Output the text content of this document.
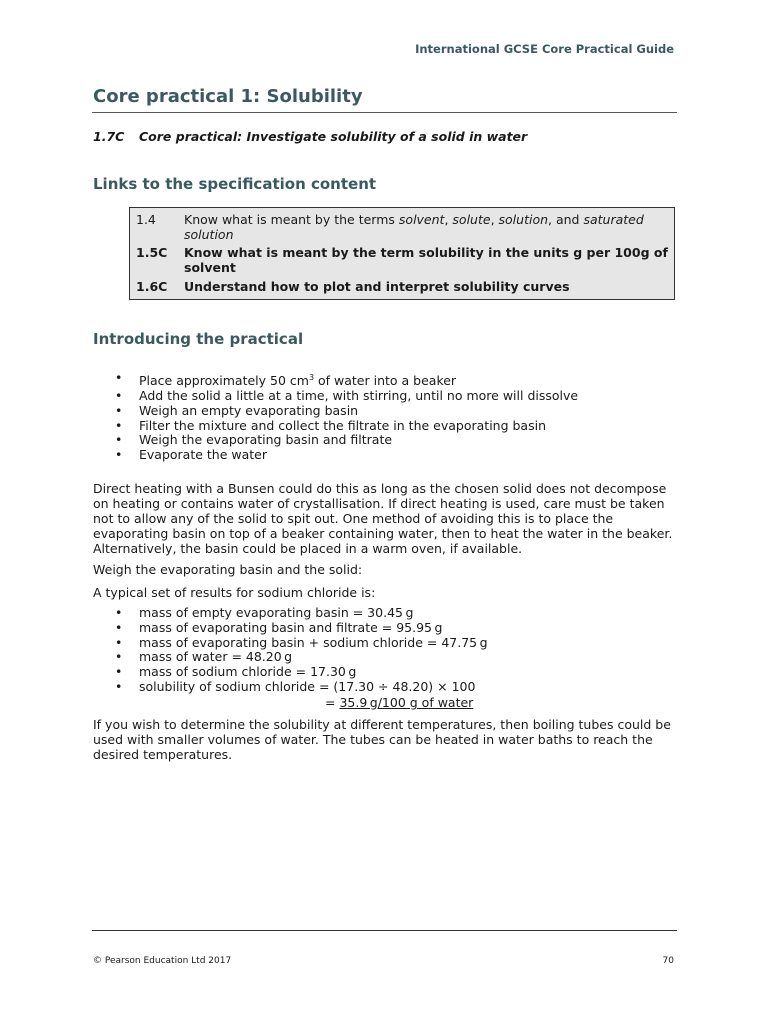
International GCSE Core Practical Guide
Core practical 1: Solubility
1.7C Core practical: Investigate solubility of a solid in water
Links to the specification content
1.4	Know what is meant by the terms solvent, solute, solution, and saturated solution
1.5C	Know what is meant by the term solubility in the units g per 100g of solvent
1.6C	Understand how to plot and interpret solubility curves
Introducing the practical
• Place approximately 50 $cm^3$ of water into a beaker
• Add the solid a little at a time, with stirring, until no more will dissolve
• Weigh an empty evaporating basin
• Filter the mixture and collect the filtrate in the evaporating basin
• Weigh the evaporating basin and filtrate
• Evaporate the water

Direct heating with a Bunsen could do this as long as the chosen solid does not decompose on heating or contains water of crystallisation. If direct heating is used, care must be taken not to allow any of the solid to spit out. One method of avoiding this is to place the evaporating basin on top of a beaker containing water, then to heat the water in the beaker. Alternatively, the basin could be placed in a warm oven, if available.

Weigh the evaporating basin and the solid:

A typical set of results for sodium chloride is:

• mass of empty evaporating basin = 30.45 g
• mass of evaporating basin and filtrate = 95.95 g
• mass of evaporating basin + sodium chloride = 47.75 g
• mass of water = 48.20 g
• mass of sodium chloride = 17.30 g
• solubility of sodium chloride = (17.30 ÷ 48.20) × 100
= 35.9 g/100 g of water

If you wish to determine the solubility at different temperatures, then boiling tubes could be used with smaller volumes of water. The tubes can be heated in water baths to reach the desired temperatures.

© Pearson Education Ltd 2017	70
